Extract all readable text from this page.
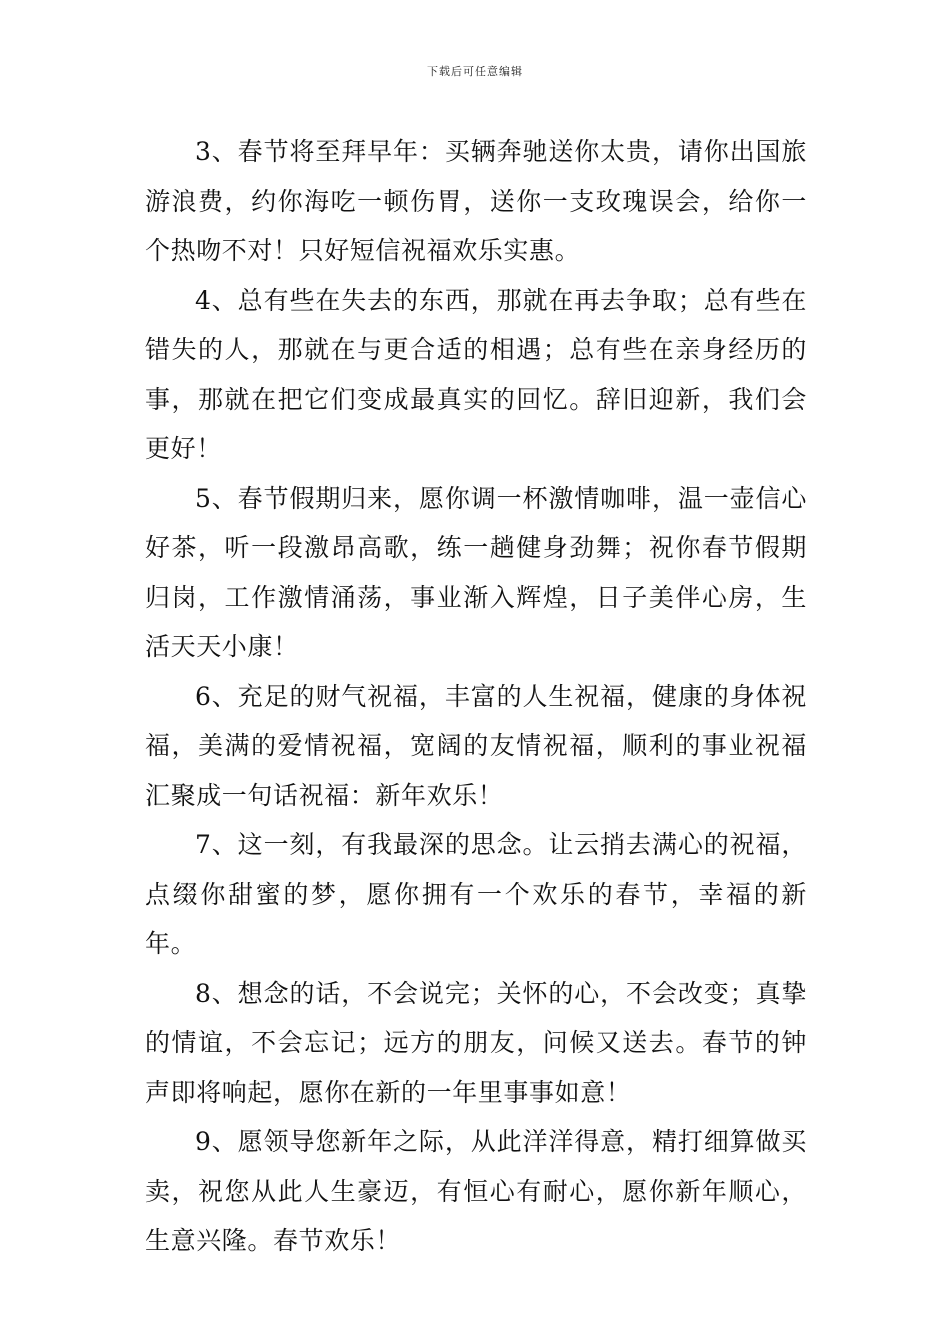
下载后可任意编辑

3、春节将至拜早年：买辆奔驰送你太贵，请你出国旅游浪费，约你海吃一顿伤胃，送你一支玫瑰误会，给你一个热吻不对！只好短信祝福欢乐实惠。

4、总有些在失去的东西，那就在再去争取；总有些在错失的人，那就在与更合适的相遇；总有些在亲身经历的事，那就在把它们变成最真实的回忆。辞旧迎新，我们会更好！

5、春节假期归来，愿你调一杯激情咖啡，温一壶信心好茶，听一段激昂高歌，练一趟健身劲舞；祝你春节假期归岗，工作激情涌荡，事业渐入辉煌，日子美伴心房，生活天天小康！

6、充足的财气祝福，丰富的人生祝福，健康的身体祝福，美满的爱情祝福，宽阔的友情祝福，顺利的事业祝福汇聚成一句话祝福：新年欢乐！

7、这一刻，有我最深的思念。让云捎去满心的祝福，点缀你甜蜜的梦，愿你拥有一个欢乐的春节，幸福的新年。

8、想念的话，不会说完；关怀的心，不会改变；真挚的情谊，不会忘记；远方的朋友，问候又送去。春节的钟声即将响起，愿你在新的一年里事事如意！

9、愿领导您新年之际，从此洋洋得意，精打细算做买卖，祝您从此人生豪迈，有恒心有耐心，愿你新年顺心，生意兴隆。春节欢乐！
